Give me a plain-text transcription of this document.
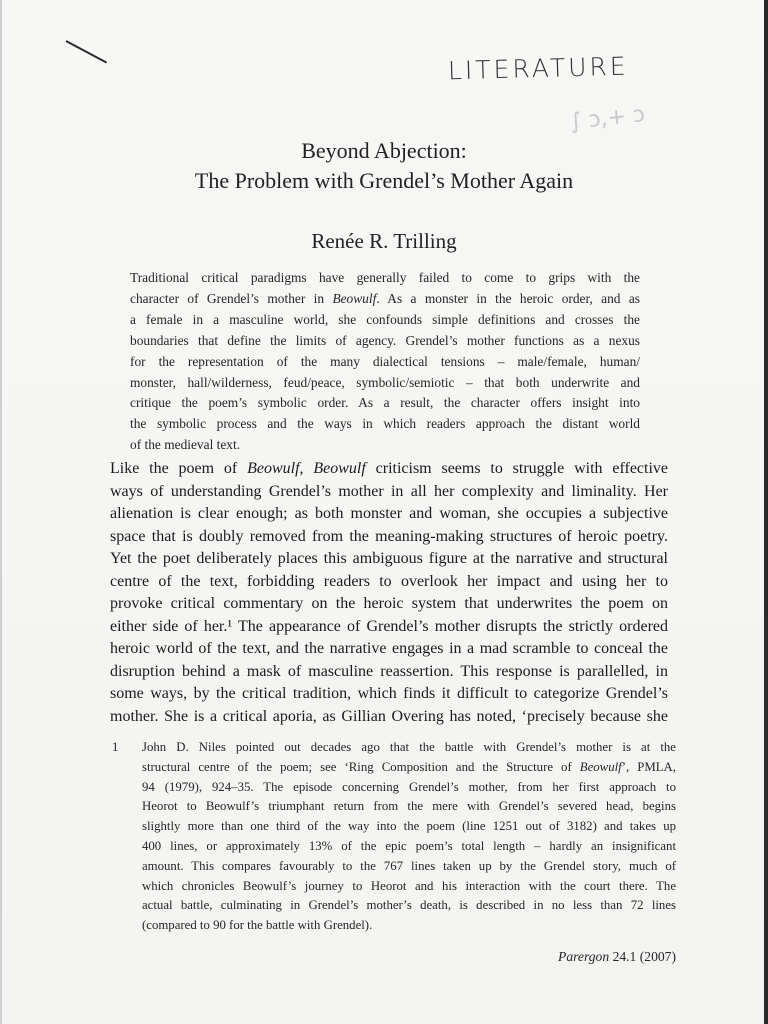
LITERATURE
∫ ɔ,+ ɔ
Beyond Abjection:
The Problem with Grendel’s Mother Again
Renée R. Trilling
Traditional critical paradigms have generally failed to come to grips with the
character of Grendel’s mother in Beowulf. As a monster in the heroic order, and as
a female in a masculine world, she confounds simple definitions and crosses the
boundaries that define the limits of agency. Grendel’s mother functions as a nexus
for the representation of the many dialectical tensions – male/female, human/
monster, hall/wilderness, feud/peace, symbolic/semiotic – that both underwrite and
critique the poem’s symbolic order. As a result, the character offers insight into
the symbolic process and the ways in which readers approach the distant world
of the medieval text.
Like the poem of Beowulf, Beowulf criticism seems to struggle with effective
ways of understanding Grendel’s mother in all her complexity and liminality. Her
alienation is clear enough; as both monster and woman, she occupies a subjective
space that is doubly removed from the meaning-making structures of heroic poetry.
Yet the poet deliberately places this ambiguous figure at the narrative and structural
centre of the text, forbidding readers to overlook her impact and using her to
provoke critical commentary on the heroic system that underwrites the poem on
either side of her.¹ The appearance of Grendel’s mother disrupts the strictly ordered
heroic world of the text, and the narrative engages in a mad scramble to conceal the
disruption behind a mask of masculine reassertion. This response is parallelled, in
some ways, by the critical tradition, which finds it difficult to categorize Grendel’s
mother. She is a critical aporia, as Gillian Overing has noted, ‘precisely because she
1 John D. Niles pointed out decades ago that the battle with Grendel’s mother is at the
structural centre of the poem; see ‘Ring Composition and the Structure of Beowulf’, PMLA,
94 (1979), 924–35. The episode concerning Grendel’s mother, from her first approach to
Heorot to Beowulf’s triumphant return from the mere with Grendel’s severed head, begins
slightly more than one third of the way into the poem (line 1251 out of 3182) and takes up
400 lines, or approximately 13% of the epic poem’s total length – hardly an insignificant
amount. This compares favourably to the 767 lines taken up by the Grendel story, much of
which chronicles Beowulf’s journey to Heorot and his interaction with the court there. The
actual battle, culminating in Grendel’s mother’s death, is described in no less than 72 lines
(compared to 90 for the battle with Grendel).
Parergon 24.1 (2007)
